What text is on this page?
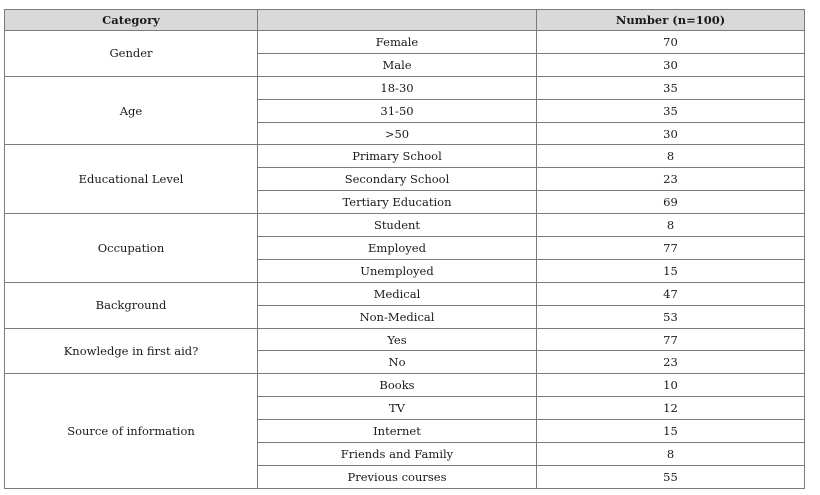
Category		Number (n=100)
Gender	Female	70
	Male	30
Age	18-30	35
	31-50	35
	>50	30
Educational Level	Primary School	8
	Secondary School	23
	Tertiary Education	69
Occupation	Student	8
	Employed	77
	Unemployed	15
Background	Medical	47
	Non-Medical	53
Knowledge in first aid?	Yes	77
	No	23
Source of information	Books	10
	TV	12
	Internet	15
	Friends and Family	8
	Previous courses	55
